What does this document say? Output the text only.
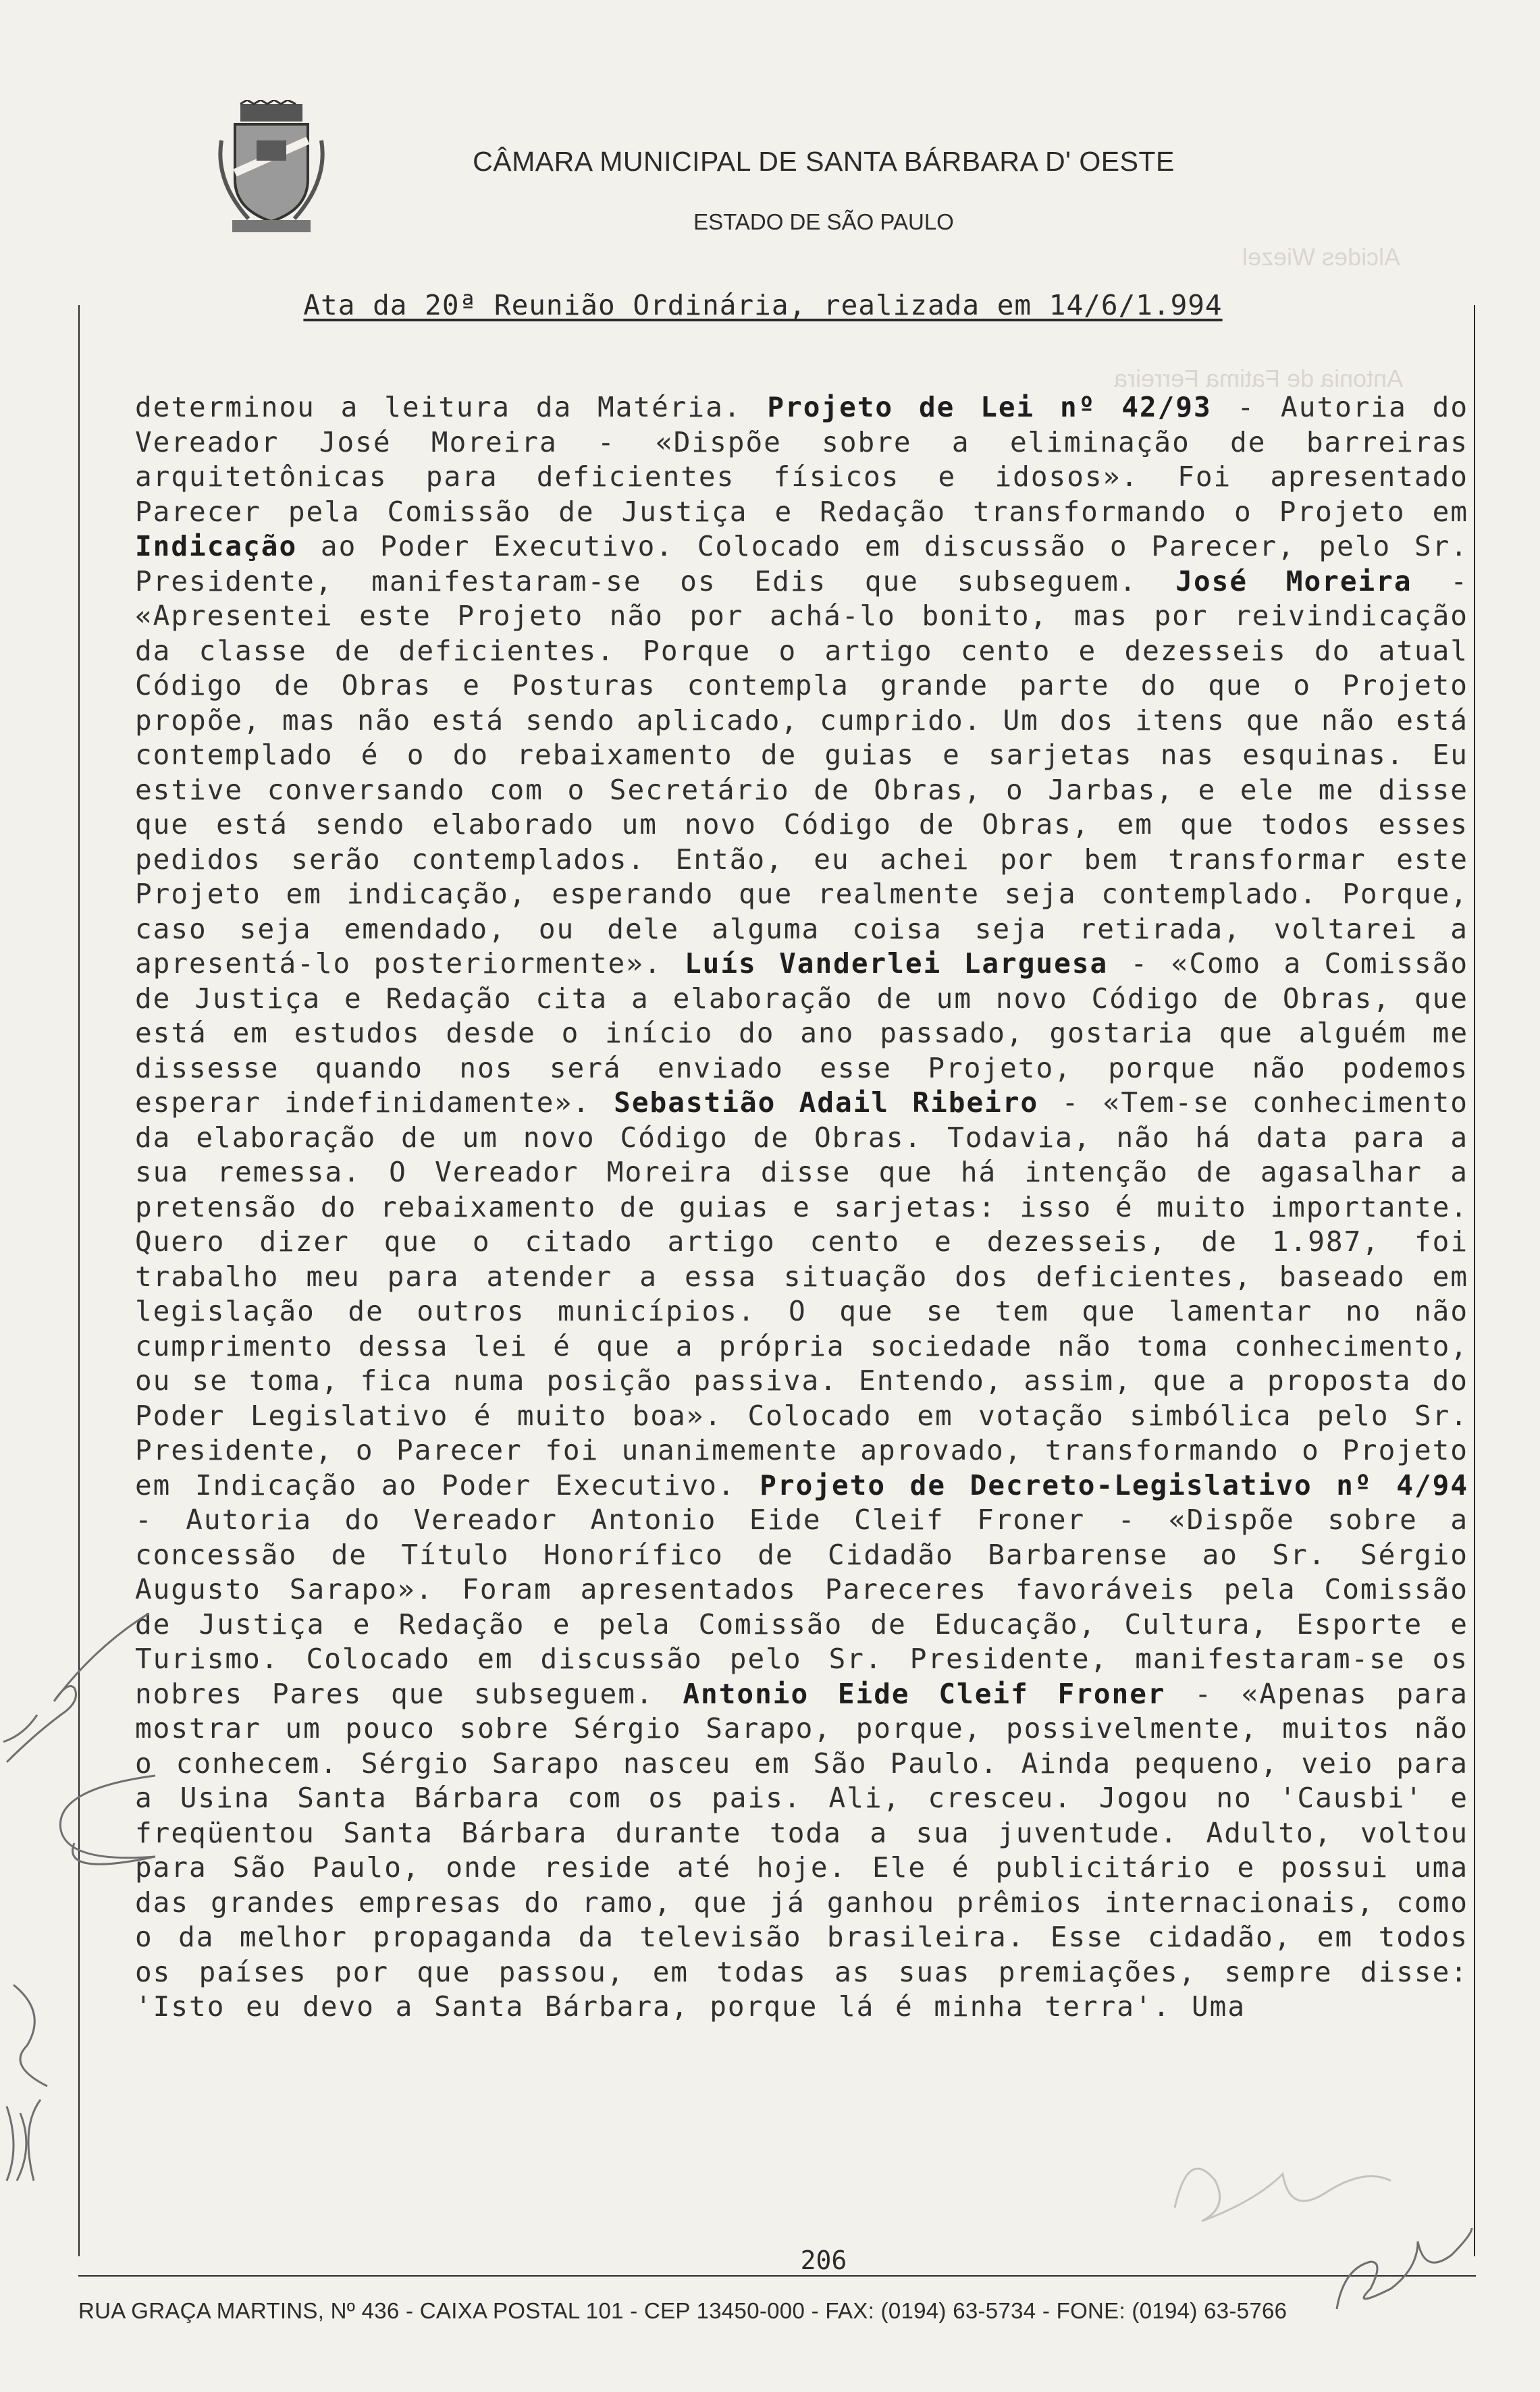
CÂMARA MUNICIPAL DE SANTA BÁRBARA D' OESTE
ESTADO DE SÃO PAULO
Ata da 20ª Reunião Ordinária, realizada em 14/6/1.994
Alcides Wiezel
Antonia de Fatima Ferreira
determinou a leitura da Matéria. Projeto de Lei nº 42/93 - Autoria do Vereador José Moreira - «Dispõe sobre a eliminação de barreiras arquitetônicas para deficientes físicos e idosos». Foi apresentado Parecer pela Comissão de Justiça e Redação transformando o Projeto em Indicação ao Poder Executivo. Colocado em discussão o Parecer, pelo Sr. Presidente, manifestaram-se os Edis que subseguem. José Moreira - «Apresentei este Projeto não por achá-lo bonito, mas por reivindicação da classe de deficientes. Porque o artigo cento e dezesseis do atual Código de Obras e Posturas contempla grande parte do que o Projeto propõe, mas não está sendo aplicado, cumprido. Um dos itens que não está contemplado é o do rebaixamento de guias e sarjetas nas esquinas. Eu estive conversando com o Secretário de Obras, o Jarbas, e ele me disse que está sendo elaborado um novo Código de Obras, em que todos esses pedidos serão contemplados. Então, eu achei por bem transformar este Projeto em indicação, esperando que realmente seja contemplado. Porque, caso seja emendado, ou dele alguma coisa seja retirada, voltarei a apresentá-lo posteriormente». Luís Vanderlei Larguesa - «Como a Comissão de Justiça e Redação cita a elaboração de um novo Código de Obras, que está em estudos desde o início do ano passado, gostaria que alguém me dissesse quando nos será enviado esse Projeto, porque não podemos esperar indefinidamente». Sebastião Adail Ribeiro - «Tem-se conhecimento da elaboração de um novo Código de Obras. Todavia, não há data para a sua remessa. O Vereador Moreira disse que há intenção de agasalhar a pretensão do rebaixamento de guias e sarjetas: isso é muito importante. Quero dizer que o citado artigo cento e dezesseis, de 1.987, foi trabalho meu para atender a essa situação dos deficientes, baseado em legislação de outros municípios. O que se tem que lamentar no não cumprimento dessa lei é que a própria sociedade não toma conhecimento, ou se toma, fica numa posição passiva. Entendo, assim, que a proposta do Poder Legislativo é muito boa». Colocado em votação simbólica pelo Sr. Presidente, o Parecer foi unanimemente aprovado, transformando o Projeto em Indicação ao Poder Executivo. Projeto de Decreto-Legislativo nº 4/94 - Autoria do Vereador Antonio Eide Cleif Froner - «Dispõe sobre a concessão de Título Honorífico de Cidadão Barbarense ao Sr. Sérgio Augusto Sarapo». Foram apresentados Pareceres favoráveis pela Comissão de Justiça e Redação e pela Comissão de Educação, Cultura, Esporte e Turismo. Colocado em discussão pelo Sr. Presidente, manifestaram-se os nobres Pares que subseguem. Antonio Eide Cleif Froner - «Apenas para mostrar um pouco sobre Sérgio Sarapo, porque, possivelmente, muitos não o conhecem. Sérgio Sarapo nasceu em São Paulo. Ainda pequeno, veio para a Usina Santa Bárbara com os pais. Ali, cresceu. Jogou no 'Causbi' e freqüentou Santa Bárbara durante toda a sua juventude. Adulto, voltou para São Paulo, onde reside até hoje. Ele é publicitário e possui uma das grandes empresas do ramo, que já ganhou prêmios internacionais, como o da melhor propaganda da televisão brasileira. Esse cidadão, em todos os países por que passou, em todas as suas premiações, sempre disse: 'Isto eu devo a Santa Bárbara, porque lá é minha terra'. Uma
206
RUA GRAÇA MARTINS, Nº 436 - CAIXA POSTAL 101 - CEP 13450-000 - FAX: (0194) 63-5734 - FONE: (0194) 63-5766
